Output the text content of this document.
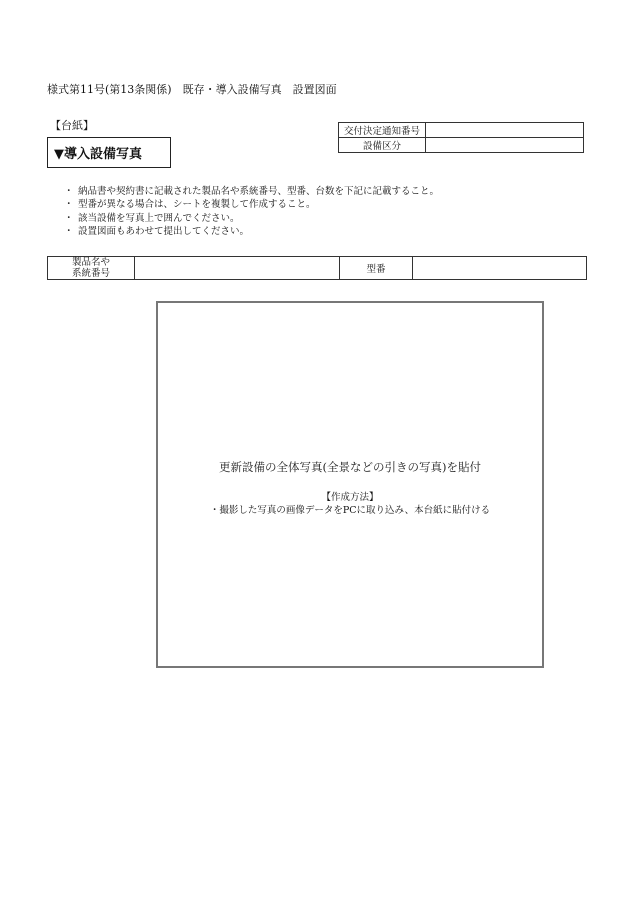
様式第11号(第13条関係)　既存・導入設備写真　設置図面
【台紙】
▼導入設備写真
交付決定通知番号	
設備区分	
・ 納品書や契約書に記載された製品名や系統番号、型番、台数を下記に記載すること。
・ 型番が異なる場合は、シートを複製して作成すること。
・ 該当設備を写真上で囲んでください。
・ 設置図面もあわせて提出してください。
製品名や
系統番号		型番	
更新設備の全体写真(全景などの引きの写真)を貼付
【作成方法】
・撮影した写真の画像データをPCに取り込み、本台紙に貼付ける
